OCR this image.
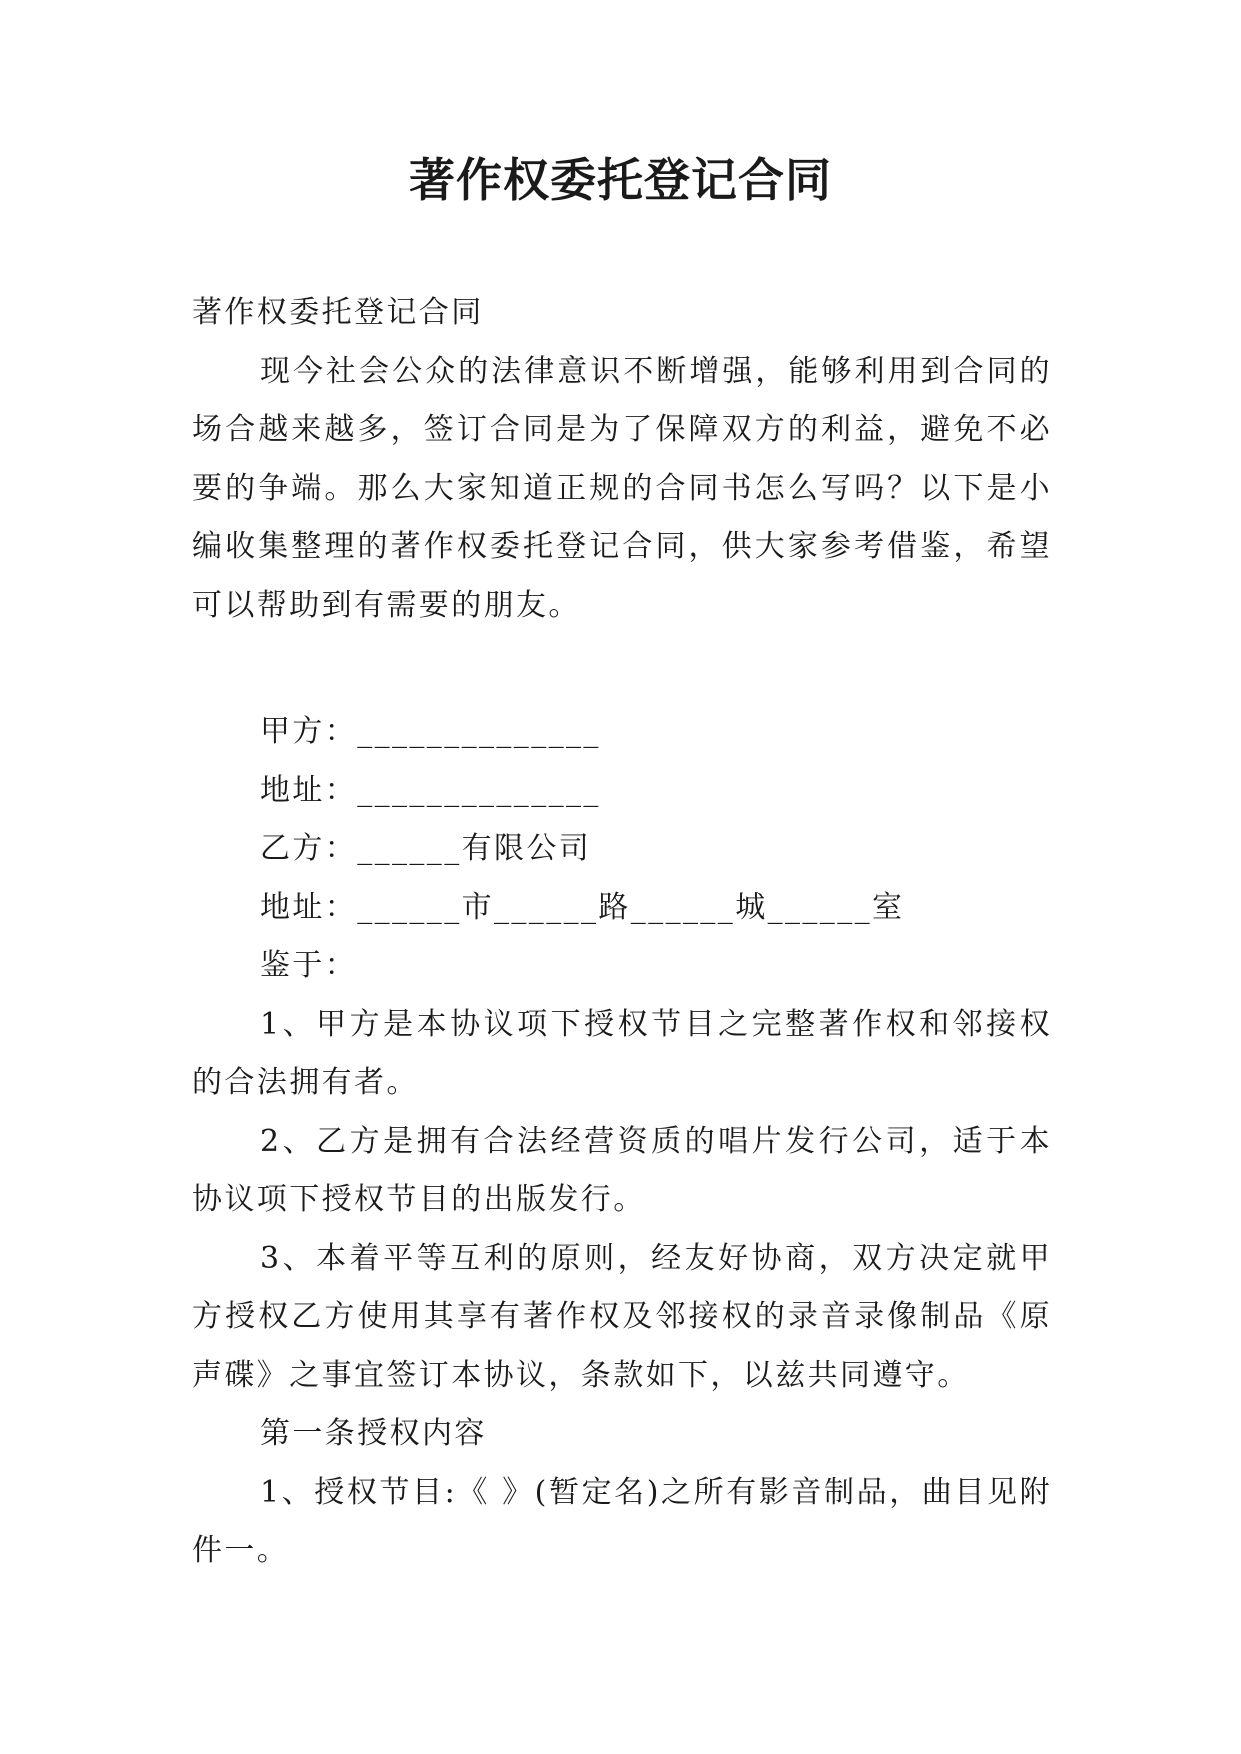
著作权委托登记合同

著作权委托登记合同

现今社会公众的法律意识不断增强，能够利用到合同的场合越来越多，签订合同是为了保障双方的利益，避免不必要的争端。那么大家知道正规的合同书怎么写吗？以下是小编收集整理的著作权委托登记合同，供大家参考借鉴，希望可以帮助到有需要的朋友。

甲方：______________

地址：______________

乙方：______有限公司

地址：______市______路______城______室

鉴于：

1、甲方是本协议项下授权节目之完整著作权和邻接权的合法拥有者。

2、乙方是拥有合法经营资质的唱片发行公司，适于本协议项下授权节目的出版发行。

3、本着平等互利的原则，经友好协商，双方决定就甲方授权乙方使用其享有著作权及邻接权的录音录像制品《原声碟》之事宜签订本协议，条款如下，以兹共同遵守。

第一条授权内容

1、授权节目:《 》(暂定名)之所有影音制品，曲目见附件一。
